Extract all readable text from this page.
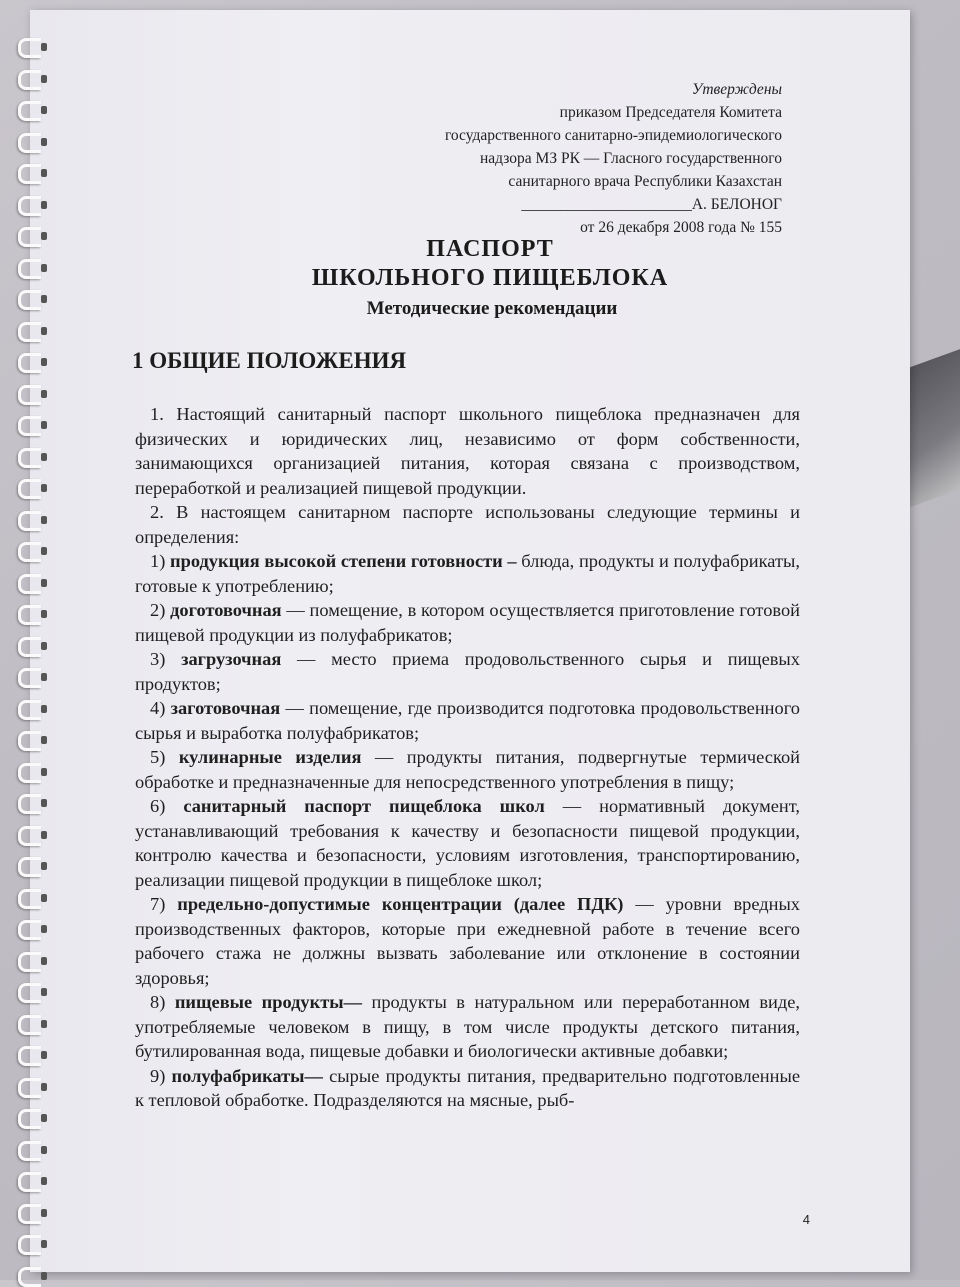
Утверждены
приказом Председателя Комитета
государственного санитарно-эпидемиологического
надзора МЗ РК — Гласного государственного
санитарного врача Республики Казахстан
______________________А. БЕЛОНОГ
от 26 декабря 2008 года № 155
ПАСПОРТ
ШКОЛЬНОГО ПИЩЕБЛОКА
Методические рекомендации
1 ОБЩИЕ ПОЛОЖЕНИЯ

1. Настоящий санитарный паспорт школьного пищеблока предназначен для физических и юридических лиц, независимо от форм собственности, занимающихся организацией питания, которая связана с производством, переработкой и реализацией пищевой продукции.

2. В настоящем санитарном паспорте использованы следующие термины и определения:

1) продукция высокой степени готовности – блюда, продукты и полуфабрикаты, готовые к употреблению;

2) доготовочная — помещение, в котором осуществляется приготовление готовой пищевой продукции из полуфабрикатов;

3) загрузочная — место приема продовольственного сырья и пищевых продуктов;

4) заготовочная — помещение, где производится подготовка продовольственного сырья и выработка полуфабрикатов;

5) кулинарные изделия — продукты питания, подвергнутые термической обработке и предназначенные для непосредственного употребления в пищу;

6) санитарный паспорт пищеблока школ — нормативный документ, устанавливающий требования к качеству и безопасности пищевой продукции, контролю качества и безопасности, условиям изготовления, транспортированию, реализации пищевой продукции в пищеблоке школ;

7) предельно-допустимые концентрации (далее ПДК) — уровни вредных производственных факторов, которые при ежедневной работе в течение всего рабочего стажа не должны вызвать заболевание или отклонение в состоянии здоровья;

8) пищевые продукты— продукты в натуральном или переработанном виде, употребляемые человеком в пищу, в том числе продукты детского питания, бутилированная вода, пищевые добавки и биологически активные добавки;

9) полуфабрикаты— сырые продукты питания, предварительно подготовленные к тепловой обработке. Подразделяются на мясные, рыб-

4
